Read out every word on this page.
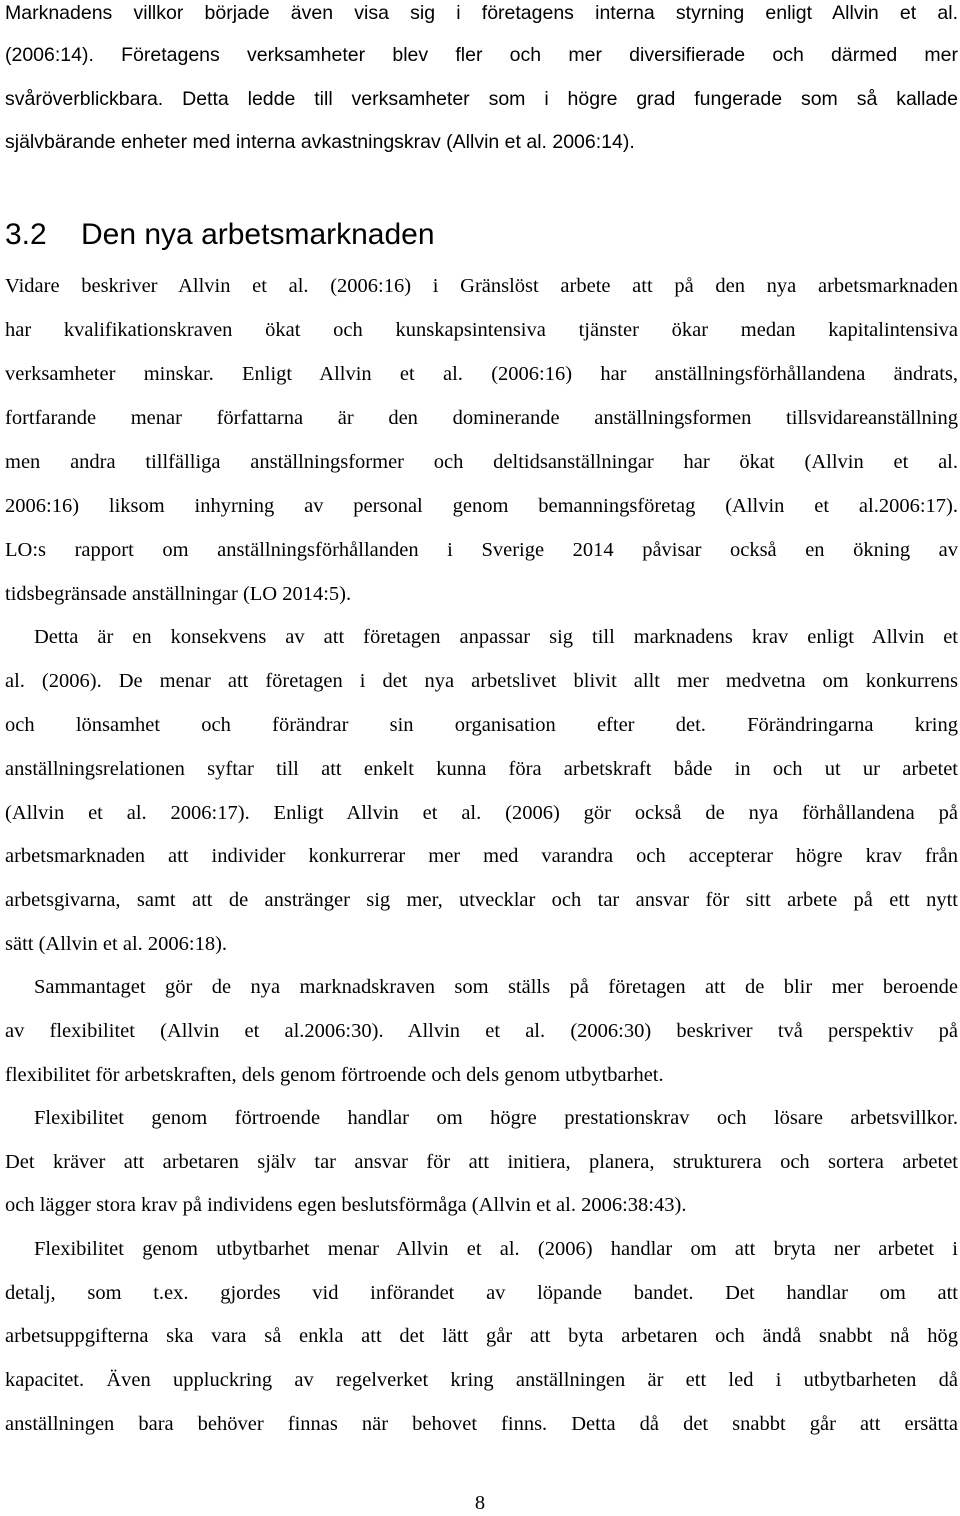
Marknadens villkor började även visa sig i företagens interna styrning enligt Allvin et al.
(2006:14). Företagens verksamheter blev fler och mer diversifierade och därmed mer
svåröverblickbara. Detta ledde till verksamheter som i högre grad fungerade som så kallade
självbärande enheter med interna avkastningskrav (Allvin et al. 2006:14).
3.2 Den nya arbetsmarknaden
Vidare beskriver Allvin et al. (2006:16) i Gränslöst arbete att på den nya arbetsmarknaden
har kvalifikationskraven ökat och kunskapsintensiva tjänster ökar medan kapitalintensiva
verksamheter minskar. Enligt Allvin et al. (2006:16) har anställningsförhållandena ändrats,
fortfarande menar författarna är den dominerande anställningsformen tillsvidareanställning
men andra tillfälliga anställningsformer och deltidsanställningar har ökat (Allvin et al.
2006:16) liksom inhyrning av personal genom bemanningsföretag (Allvin et al.2006:17).
LO:s rapport om anställningsförhållanden i Sverige 2014 påvisar också en ökning av
tidsbegränsade anställningar (LO 2014:5).
Detta är en konsekvens av att företagen anpassar sig till marknadens krav enligt Allvin et
al. (2006). De menar att företagen i det nya arbetslivet blivit allt mer medvetna om konkurrens
och lönsamhet och förändrar sin organisation efter det. Förändringarna kring
anställningsrelationen syftar till att enkelt kunna föra arbetskraft både in och ut ur arbetet
(Allvin et al. 2006:17). Enligt Allvin et al. (2006) gör också de nya förhållandena på
arbetsmarknaden att individer konkurrerar mer med varandra och accepterar högre krav från
arbetsgivarna, samt att de anstränger sig mer, utvecklar och tar ansvar för sitt arbete på ett nytt
sätt (Allvin et al. 2006:18).
Sammantaget gör de nya marknadskraven som ställs på företagen att de blir mer beroende
av flexibilitet (Allvin et al.2006:30). Allvin et al. (2006:30) beskriver två perspektiv på
flexibilitet för arbetskraften, dels genom förtroende och dels genom utbytbarhet.
Flexibilitet genom förtroende handlar om högre prestationskrav och lösare arbetsvillkor.
Det kräver att arbetaren själv tar ansvar för att initiera, planera, strukturera och sortera arbetet
och lägger stora krav på individens egen beslutsförmåga (Allvin et al. 2006:38:43).
Flexibilitet genom utbytbarhet menar Allvin et al. (2006) handlar om att bryta ner arbetet i
detalj, som t.ex. gjordes vid införandet av löpande bandet. Det handlar om att
arbetsuppgifterna ska vara så enkla att det lätt går att byta arbetaren och ändå snabbt nå hög
kapacitet. Även uppluckring av regelverket kring anställningen är ett led i utbytbarheten då
anställningen bara behöver finnas när behovet finns. Detta då det snabbt går att ersätta
8
